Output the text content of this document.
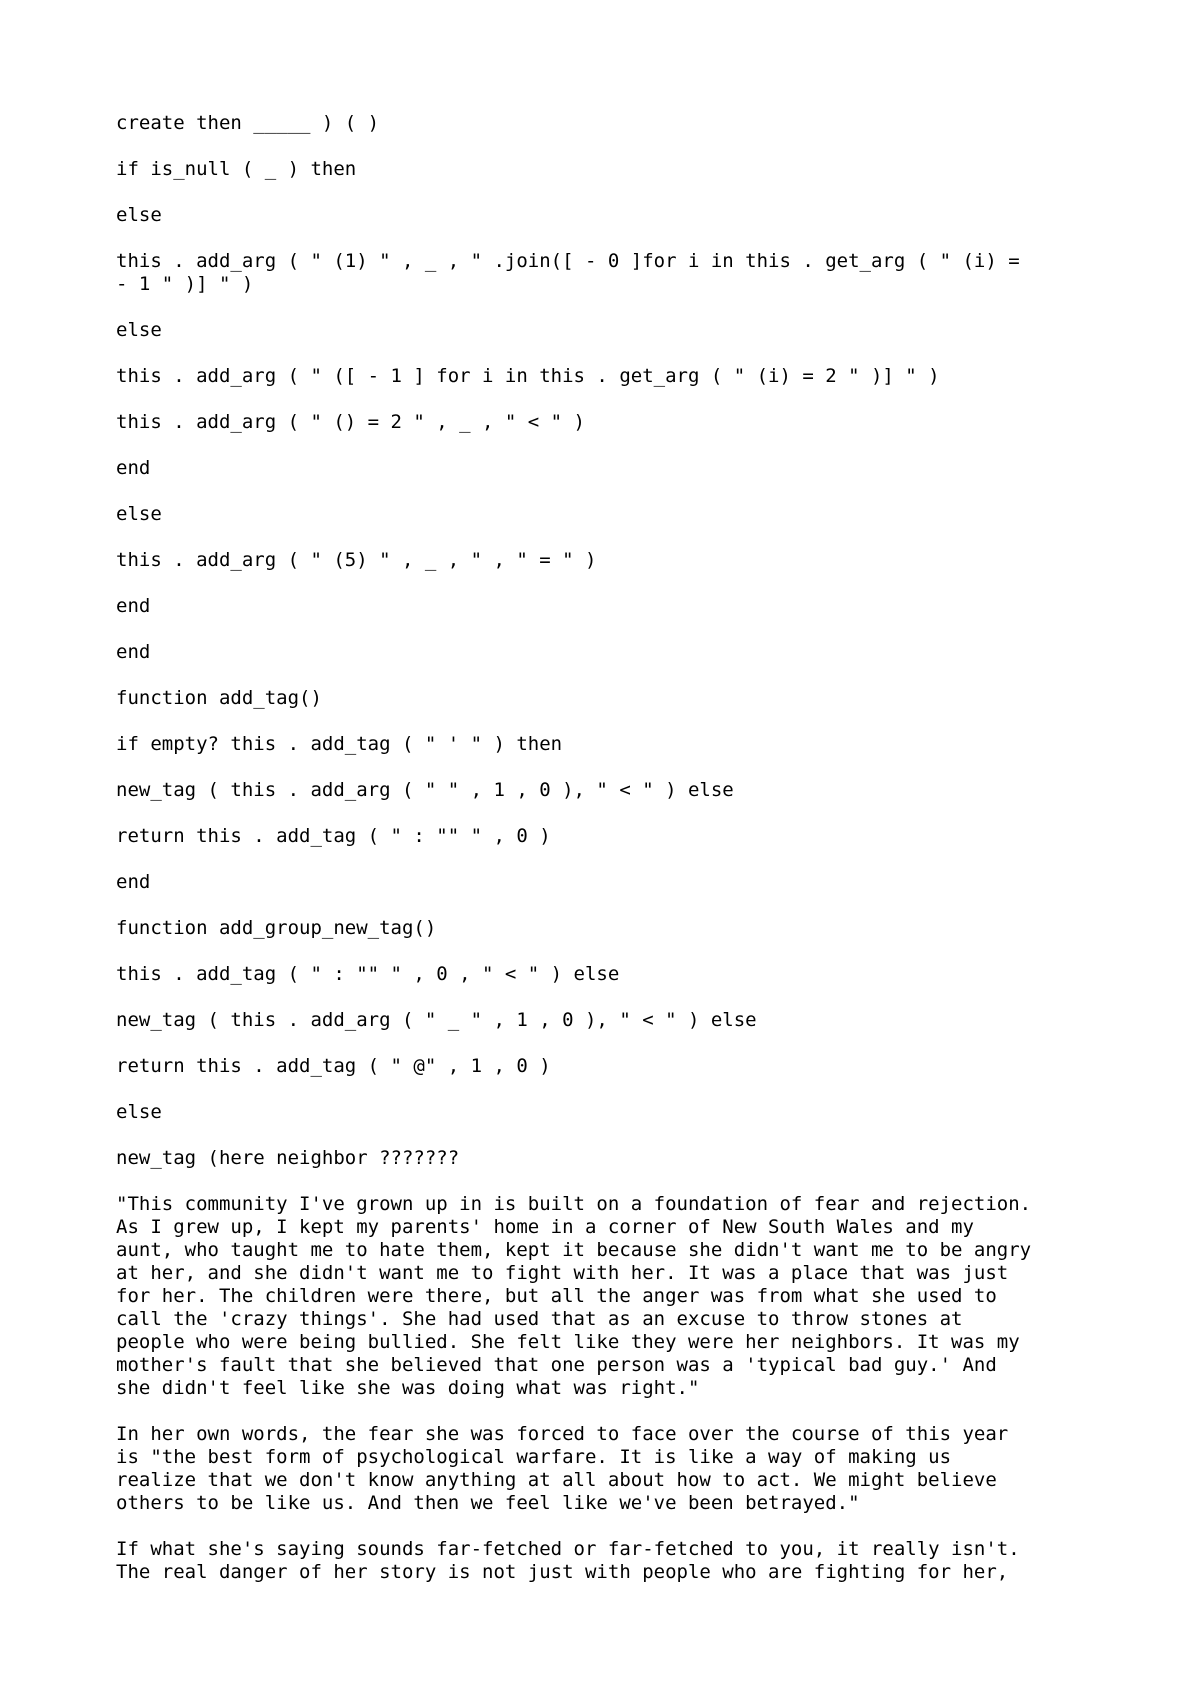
create then _____ ) ( )
if is_null ( _ ) then
else
this . add_arg ( " (1) " , _ , " .join([ - 0 ]for i in this . get_arg ( " (i) =
- 1 " )] " )
else
this . add_arg ( " ([ - 1 ] for i in this . get_arg ( " (i) = 2 " )] " )
this . add_arg ( " () = 2 " , _ , " < " )
end
else
this . add_arg ( " (5) " , _ , " , " = " )
end
end
function add_tag()
if empty? this . add_tag ( " ' " ) then
new_tag ( this . add_arg ( " " , 1 , 0 ), " < " ) else
return this . add_tag ( " : "" " , 0 )
end
function add_group_new_tag()
this . add_tag ( " : "" " , 0 , " < " ) else
new_tag ( this . add_arg ( " _ " , 1 , 0 ), " < " ) else
return this . add_tag ( " @" , 1 , 0 )
else
new_tag (here neighbor ???????
"This community I've grown up in is built on a foundation of fear and rejection.
As I grew up, I kept my parents' home in a corner of New South Wales and my
aunt, who taught me to hate them, kept it because she didn't want me to be angry
at her, and she didn't want me to fight with her. It was a place that was just
for her. The children were there, but all the anger was from what she used to
call the 'crazy things'. She had used that as an excuse to throw stones at
people who were being bullied. She felt like they were her neighbors. It was my
mother's fault that she believed that one person was a 'typical bad guy.' And
she didn't feel like she was doing what was right."
In her own words, the fear she was forced to face over the course of this year
is "the best form of psychological warfare. It is like a way of making us
realize that we don't know anything at all about how to act. We might believe
others to be like us. And then we feel like we've been betrayed."
If what she's saying sounds far-fetched or far-fetched to you, it really isn't.
The real danger of her story is not just with people who are fighting for her,
